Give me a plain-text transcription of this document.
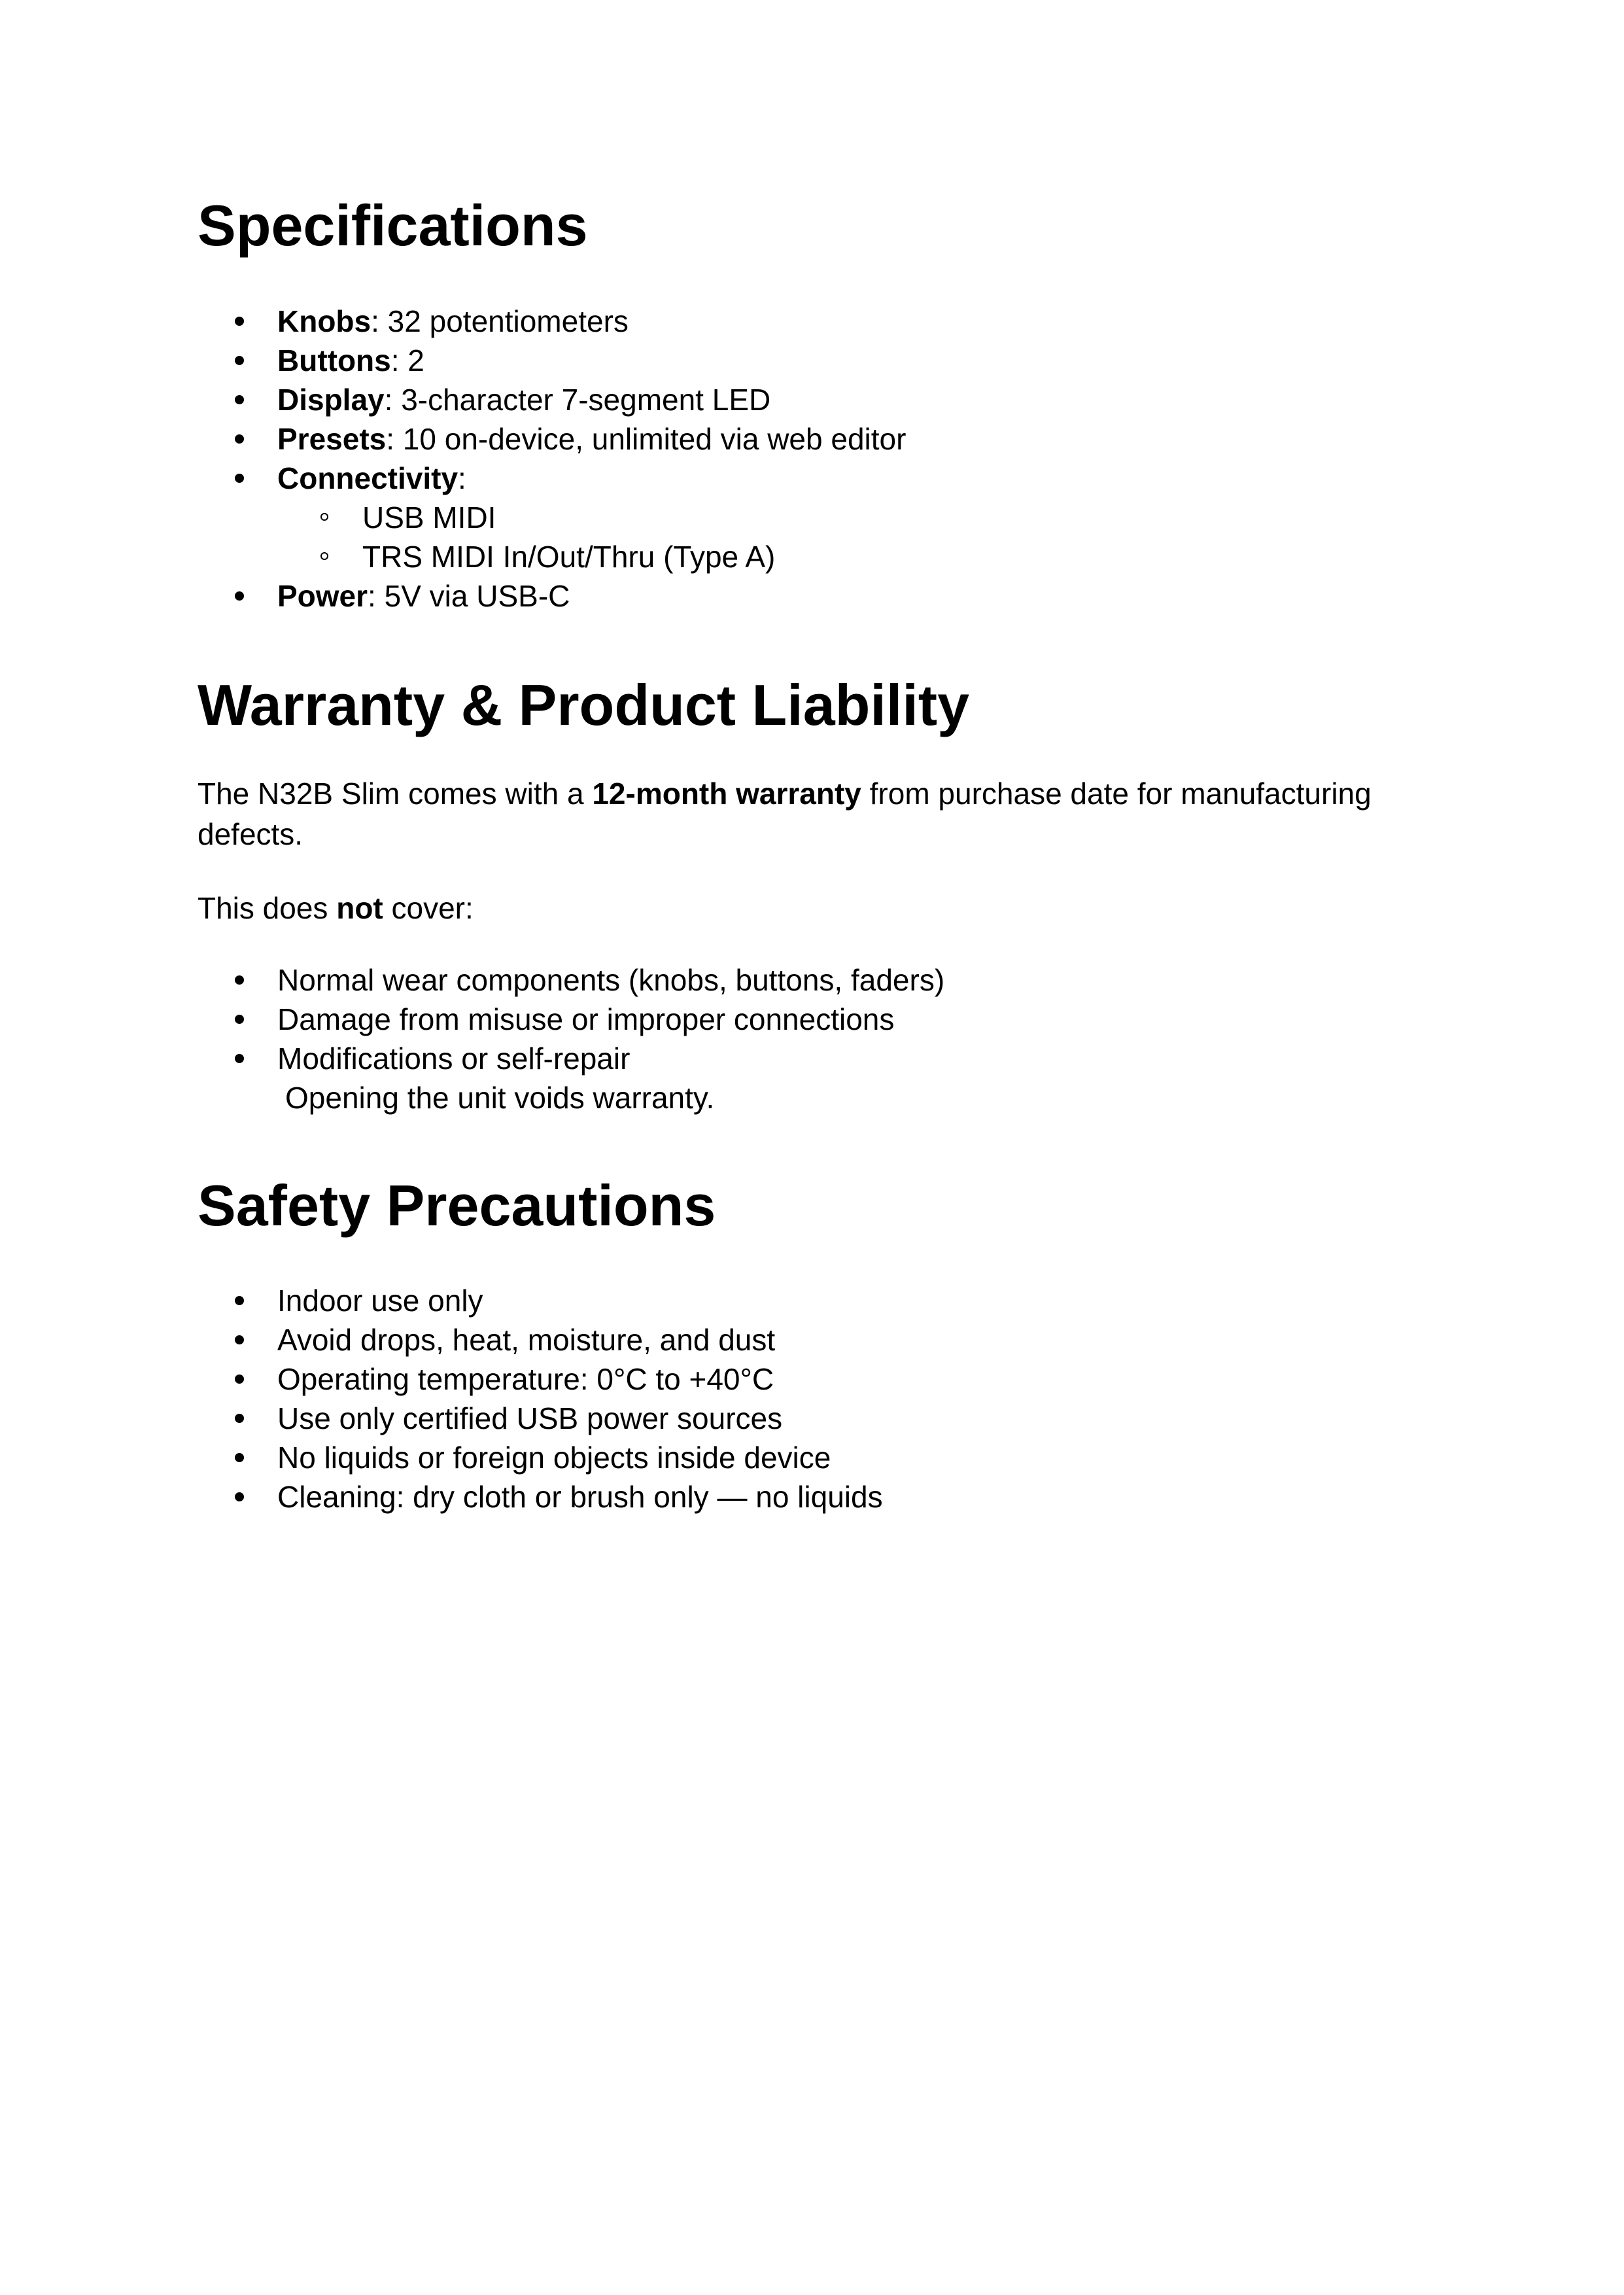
Specifications
Knobs: 32 potentiometers
Buttons: 2
Display: 3-character 7-segment LED
Presets: 10 on-device, unlimited via web editor
Connectivity:
USB MIDI
TRS MIDI In/Out/Thru (Type A)
Power: 5V via USB-C
Warranty & Product Liability

The N32B Slim comes with a 12-month warranty from purchase date for manufacturing defects.

This does not cover:

Normal wear components (knobs, buttons, faders)
Damage from misuse or improper connections
Modifications or self-repair
Opening the unit voids warranty.
Safety Precautions
Indoor use only
Avoid drops, heat, moisture, and dust
Operating temperature: 0°C to +40°C
Use only certified USB power sources
No liquids or foreign objects inside device
Cleaning: dry cloth or brush only — no liquids
